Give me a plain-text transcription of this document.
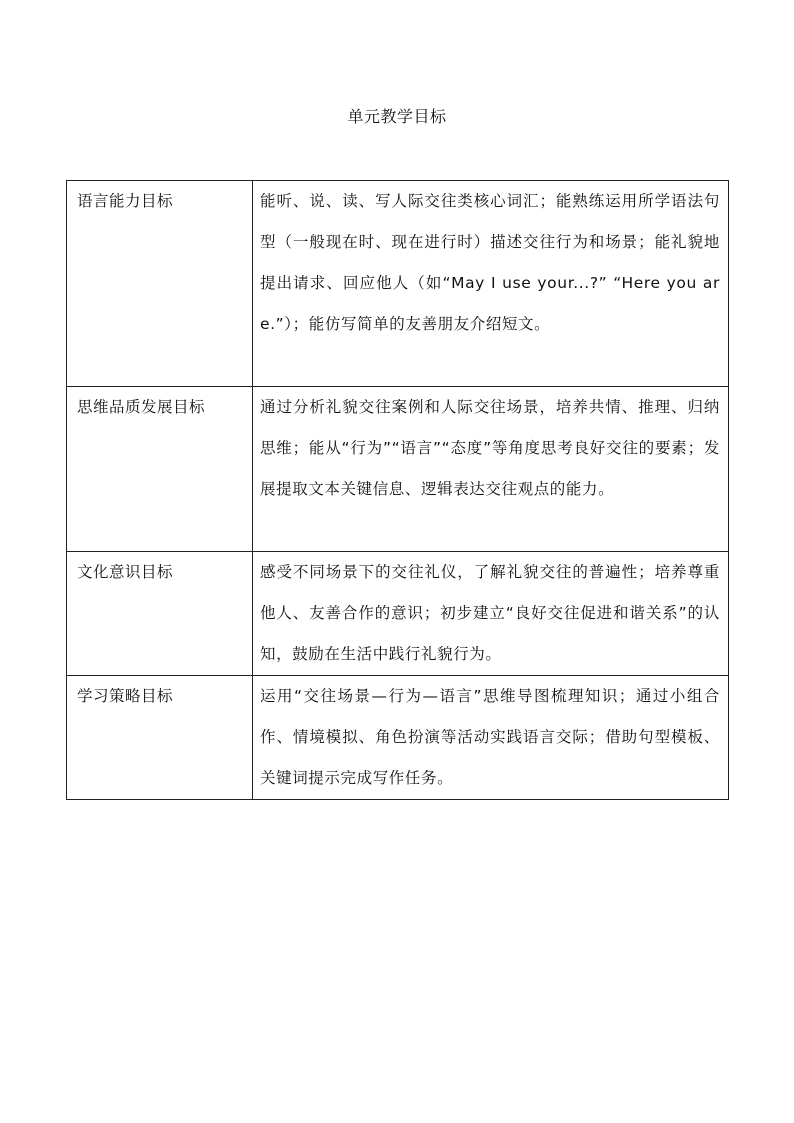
单元教学目标
语言能力目标	能听、说、读、写人际交往类核心词汇；能熟练运用所学语法句型（一般现在时、现在进行时）描述交往行为和场景；能礼貌地提出请求、回应他人（如“May I use your...?” “Here you are.”）；能仿写简单的友善朋友介绍短文。
思维品质发展目标	通过分析礼貌交往案例和人际交往场景，培养共情、推理、归纳思维；能从“行为”“语言”“态度”等角度思考良好交往的要素；发展提取文本关键信息、逻辑表达交往观点的能力。
文化意识目标	感受不同场景下的交往礼仪，了解礼貌交往的普遍性；培养尊重他人、友善合作的意识；初步建立“良好交往促进和谐关系”的认知，鼓励在生活中践行礼貌行为。
学习策略目标	运用“交往场景—行为—语言”思维导图梳理知识；通过小组合作、情境模拟、角色扮演等活动实践语言交际；借助句型模板、关键词提示完成写作任务。
